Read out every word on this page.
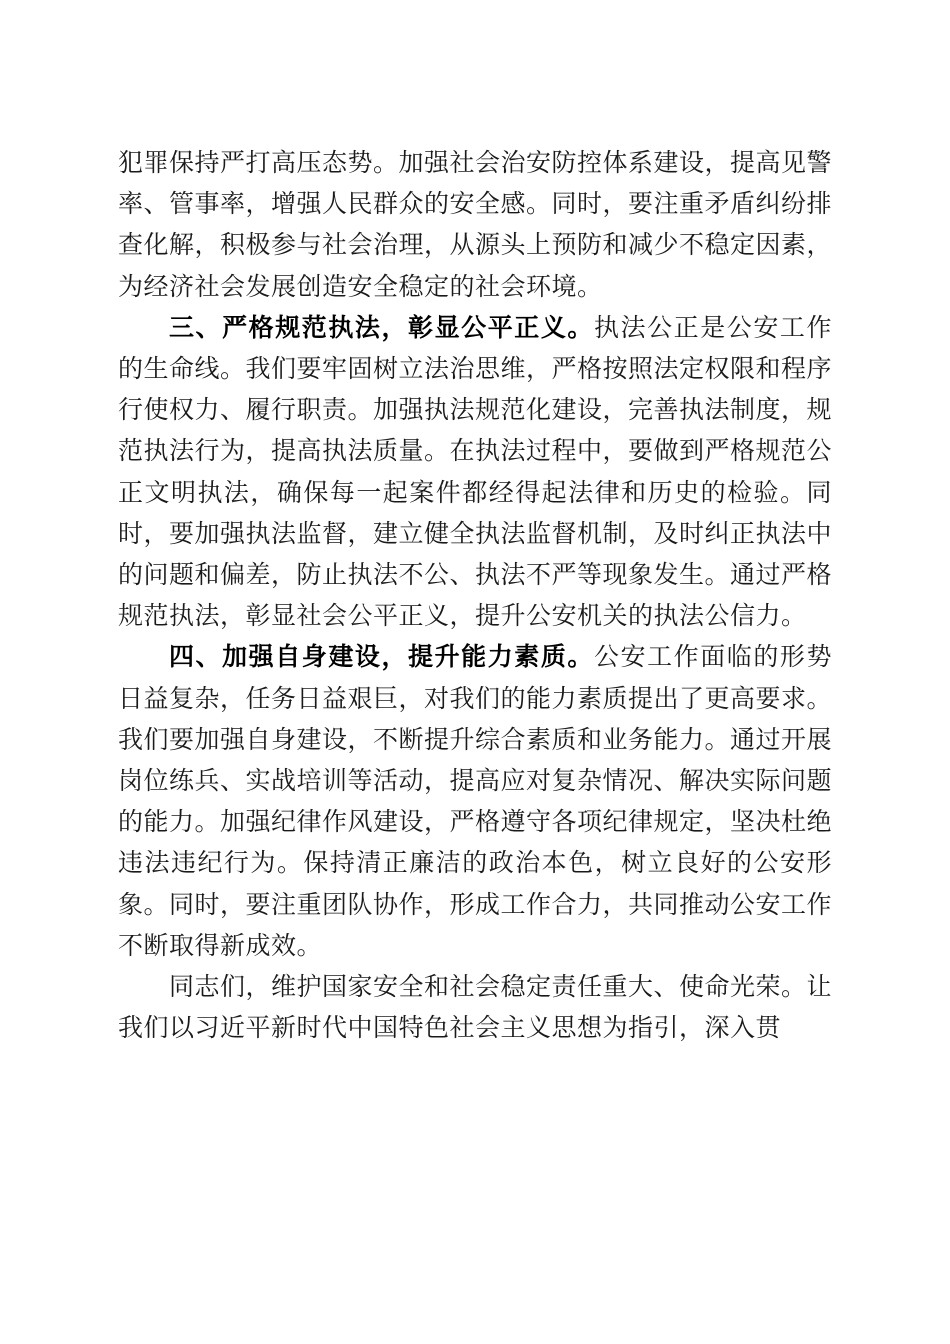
犯罪保持严打高压态势。加强社会治安防控体系建设，提高见警率、管事率，增强人民群众的安全感。同时，要注重矛盾纠纷排查化解，积极参与社会治理，从源头上预防和减少不稳定因素，为经济社会发展创造安全稳定的社会环境。

三、严格规范执法，彰显公平正义。执法公正是公安工作的生命线。我们要牢固树立法治思维，严格按照法定权限和程序行使权力、履行职责。加强执法规范化建设，完善执法制度，规范执法行为，提高执法质量。在执法过程中，要做到严格规范公正文明执法，确保每一起案件都经得起法律和历史的检验。同时，要加强执法监督，建立健全执法监督机制，及时纠正执法中的问题和偏差，防止执法不公、执法不严等现象发生。通过严格规范执法，彰显社会公平正义，提升公安机关的执法公信力。

四、加强自身建设，提升能力素质。公安工作面临的形势日益复杂，任务日益艰巨，对我们的能力素质提出了更高要求。我们要加强自身建设，不断提升综合素质和业务能力。通过开展岗位练兵、实战培训等活动，提高应对复杂情况、解决实际问题的能力。加强纪律作风建设，严格遵守各项纪律规定，坚决杜绝违法违纪行为。保持清正廉洁的政治本色，树立良好的公安形象。同时，要注重团队协作，形成工作合力，共同推动公安工作不断取得新成效。

同志们，维护国家安全和社会稳定责任重大、使命光荣。让我们以习近平新时代中国特色社会主义思想为指引，深入贯
